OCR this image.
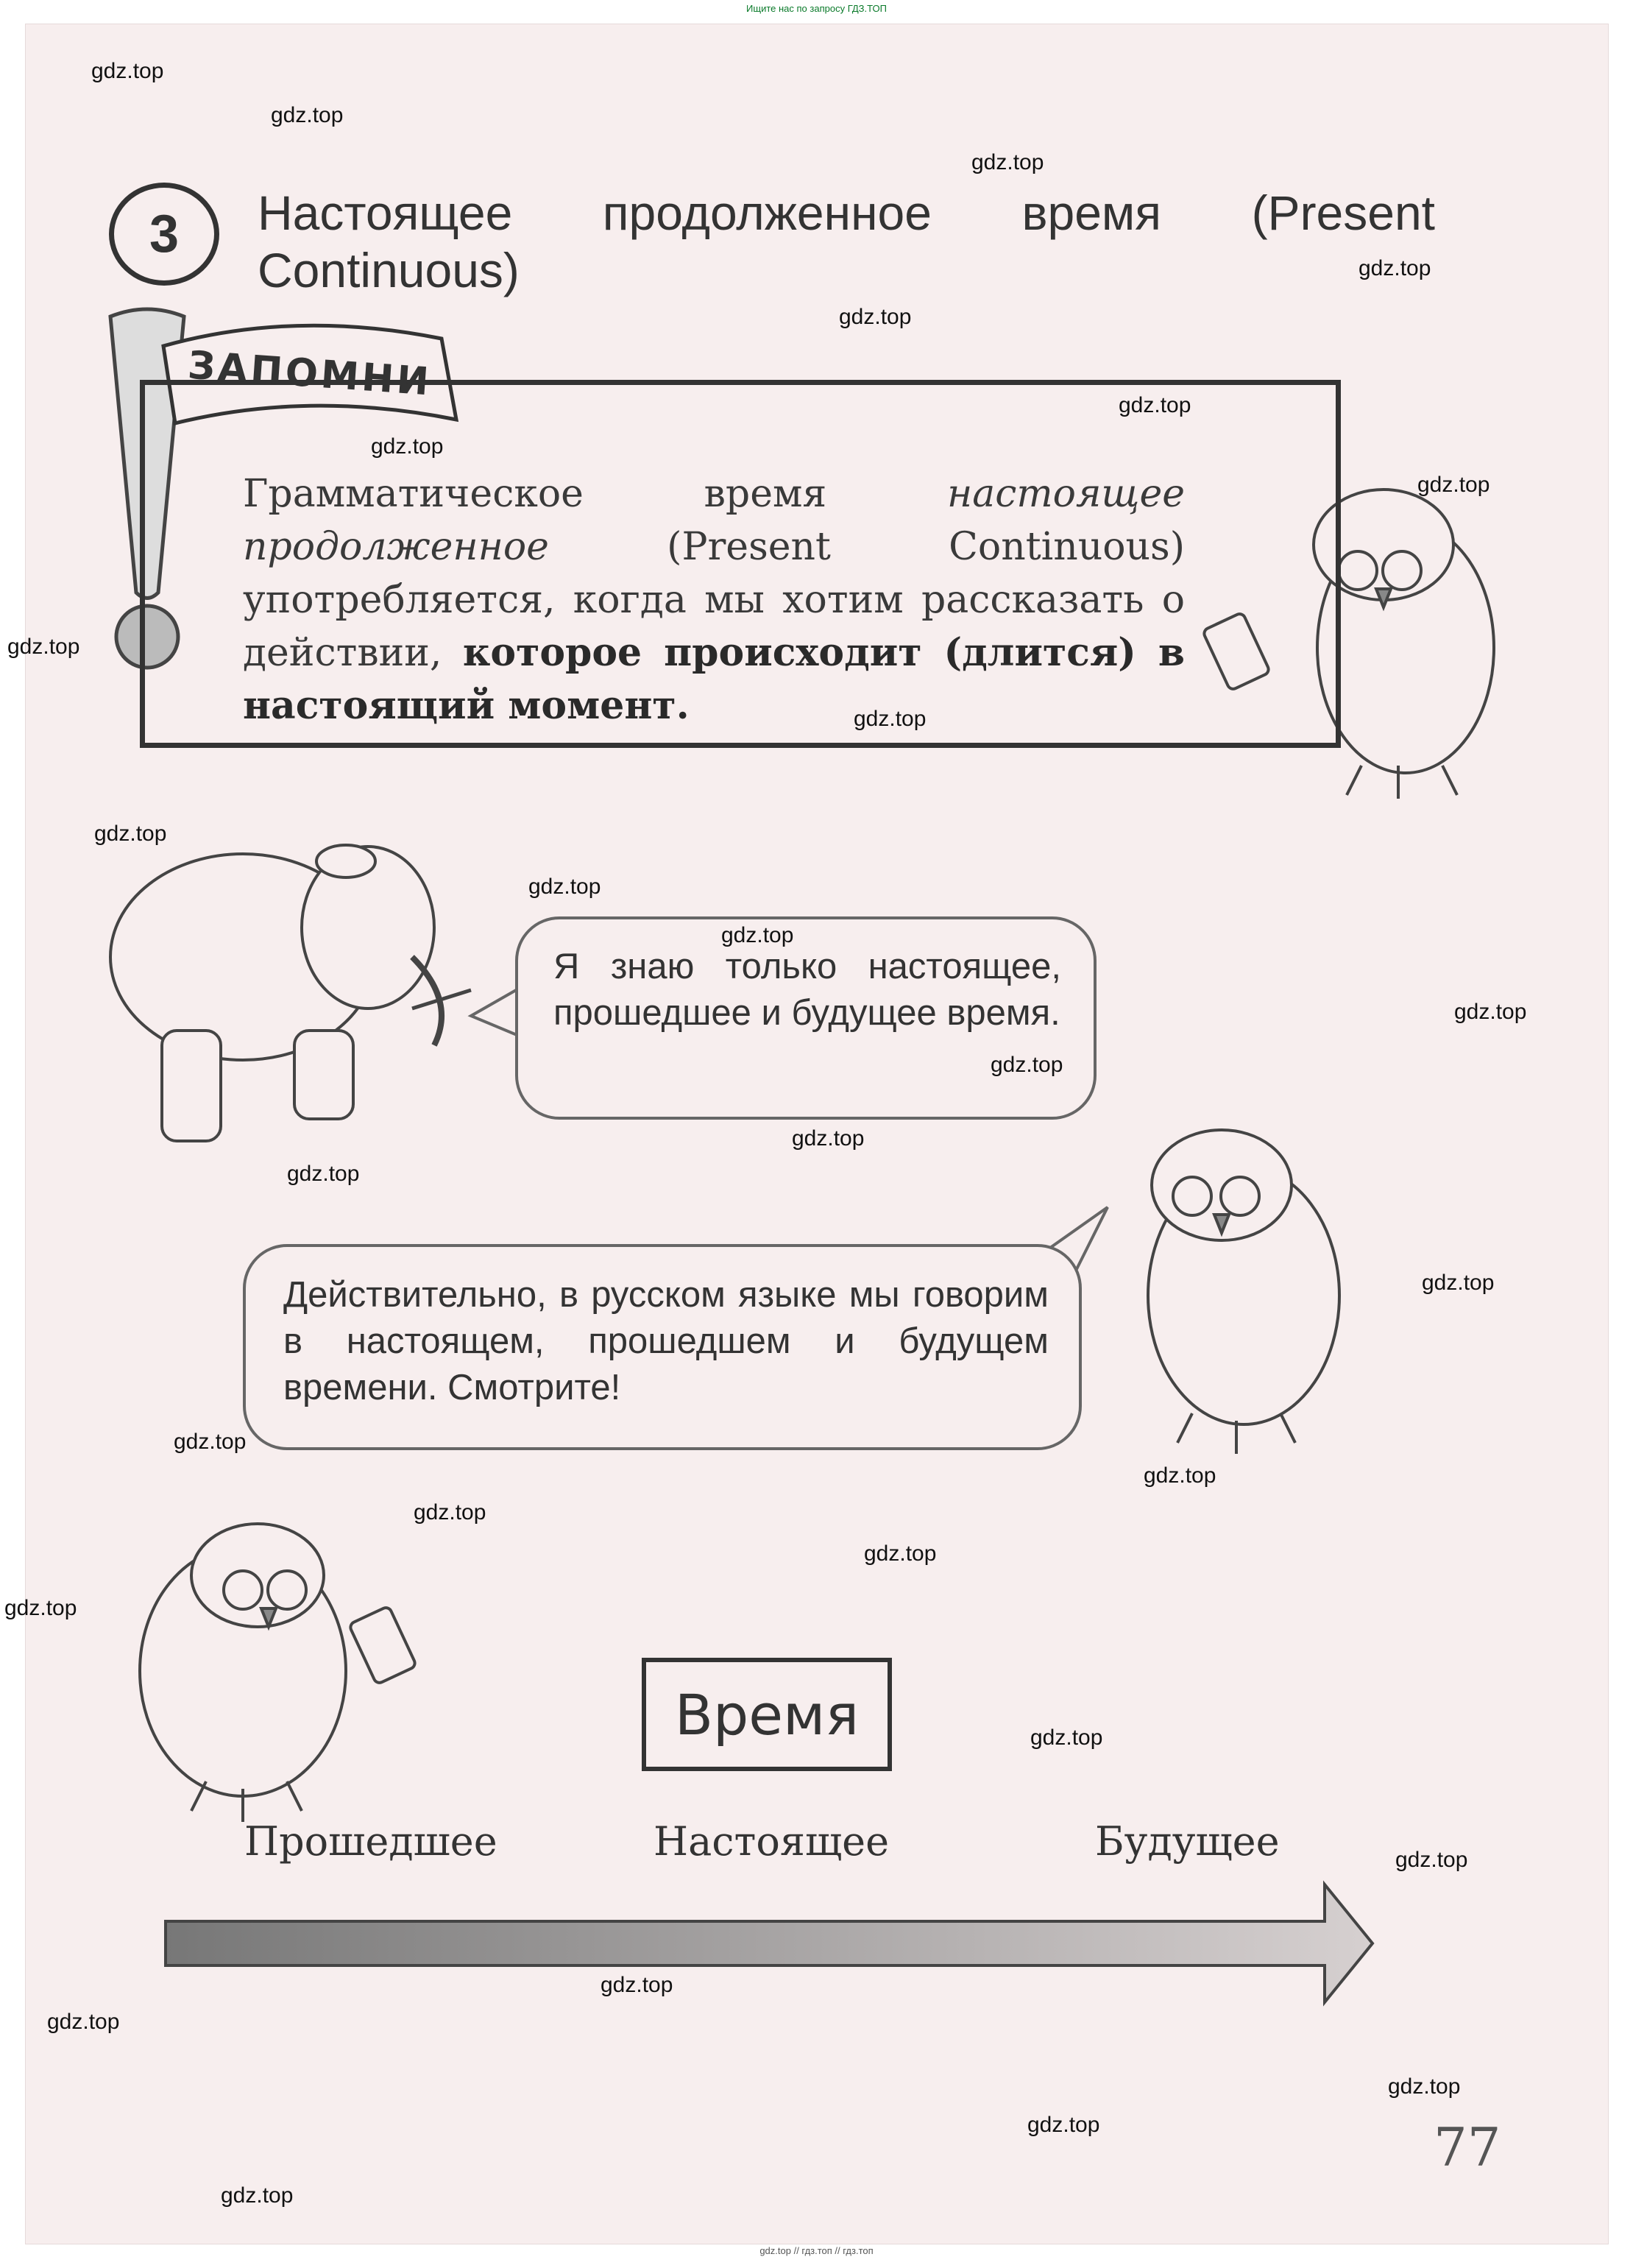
Ищите нас по запросу ГДЗ.ТОП
3	Настоящее продолженное время (Present Continuous)
ЗАПОМНИ
Грамматическое время настоящее продолженное (Present Continuous) употребляется, когда мы хотим рассказать о действии, которое происходит (длится) в настоящий момент.
Я знаю только настоящее, прошедшее и будущее время.
Действительно, в русском языке мы говорим в настоящем, прошедшем и будущем времени. Смотрите!
Время
Прошедшее	Настоящее	Будущее
77
gdz.top
gdz.top
gdz.top
gdz.top
gdz.top
gdz.top
gdz.top
gdz.top
gdz.top
gdz.top
gdz.top
gdz.top
gdz.top
gdz.top
gdz.top
gdz.top
gdz.top
gdz.top
gdz.top
gdz.top
gdz.top
gdz.top
gdz.top
gdz.top
gdz.top
gdz.top
gdz.top
gdz.top
gdz.top
gdz.top
gdz.top // гдз.топ // гдз.топ
